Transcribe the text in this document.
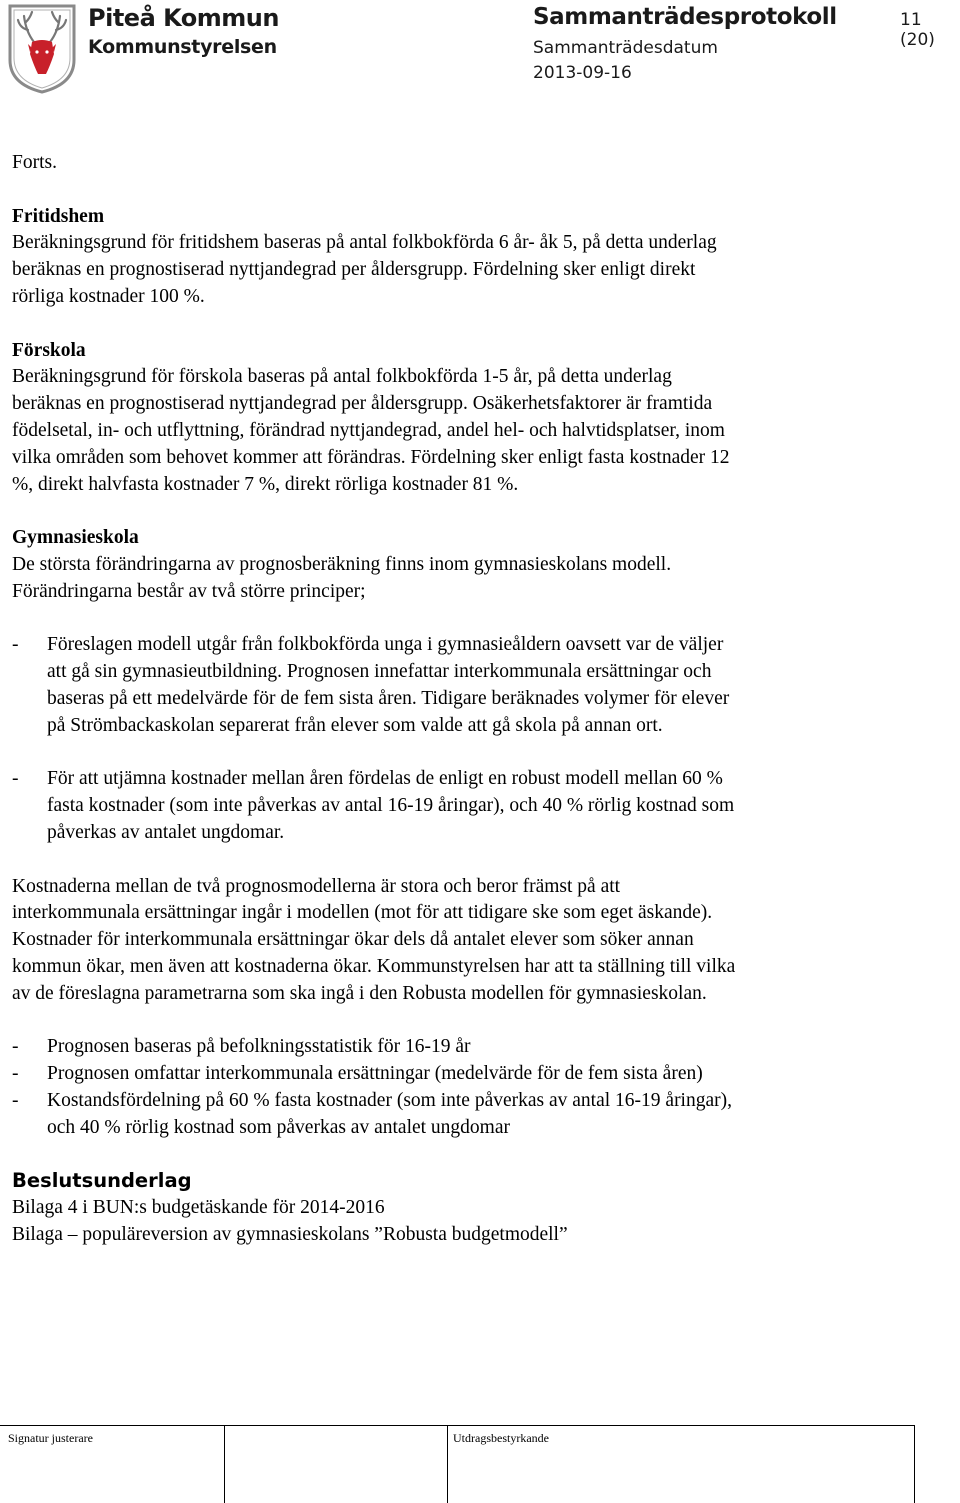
Piteå Kommun
Kommunstyrelsen
Sammanträdesprotokoll
Sammanträdesdatum
2013-09-16
11 (20)

Forts.

Fritidshem

Beräkningsgrund för fritidshem baseras på antal folkbokförda 6 år- åk 5, på detta underlag

beräknas en prognostiserad nyttjandegrad per åldersgrupp. Fördelning sker enligt direkt

rörliga kostnader 100 %.

Förskola

Beräkningsgrund för förskola baseras på antal folkbokförda 1-5 år, på detta underlag

beräknas en prognostiserad nyttjandegrad per åldersgrupp. Osäkerhetsfaktorer är framtida

födelsetal, in- och utflyttning, förändrad nyttjandegrad, andel hel- och halvtidsplatser, inom

vilka områden som behovet kommer att förändras. Fördelning sker enligt fasta kostnader 12

%, direkt halvfasta kostnader 7 %, direkt rörliga kostnader 81 %.

Gymnasieskola

De största förändringarna av prognosberäkning finns inom gymnasieskolans modell.

Förändringarna består av två större principer;

-	Föreslagen modell utgår från folkbokförda unga i gymnasieåldern oavsett var de väljer

att gå sin gymnasieutbildning. Prognosen innefattar interkommunala ersättningar och

baseras på ett medelvärde för de fem sista åren. Tidigare beräknades volymer för elever

på Strömbackaskolan separerat från elever som valde att gå skola på annan ort.

-	För att utjämna kostnader mellan åren fördelas de enligt en robust modell mellan 60 %

fasta kostnader (som inte påverkas av antal 16-19 åringar), och 40 % rörlig kostnad som

påverkas av antalet ungdomar.

Kostnaderna mellan de två prognosmodellerna är stora och beror främst på att

interkommunala ersättningar ingår i modellen (mot för att tidigare ske som eget äskande).

Kostnader för interkommunala ersättningar ökar dels då antalet elever som söker annan

kommun ökar, men även att kostnaderna ökar. Kommunstyrelsen har att ta ställning till vilka

av de föreslagna parametrarna som ska ingå i den Robusta modellen för gymnasieskolan.

-	Prognosen baseras på befolkningsstatistik för 16-19 år

-	Prognosen omfattar interkommunala ersättningar (medelvärde för de fem sista åren)

-	Kostandsfördelning på 60 % fasta kostnader (som inte påverkas av antal 16-19 åringar),

och 40 % rörlig kostnad som påverkas av antalet ungdomar

Beslutsunderlag

Bilaga 4 i BUN:s budgetäskande för 2014-2016

Bilaga – populäreversion av gymnasieskolans ”Robusta budgetmodell”

Signatur justerare	Utdragsbestyrkande
